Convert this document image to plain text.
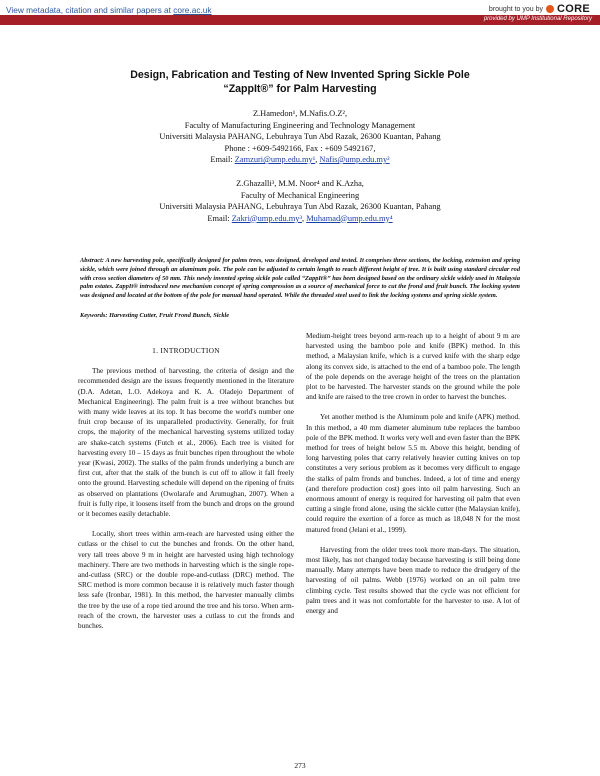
View metadata, citation and similar papers at core.ac.uk	brought to you by CORE
provided by UMP Institutional Repository
Design, Fabrication and Testing of New Invented Spring Sickle Pole
“ZappIt®” for Palm Harvesting
Z.Hamedon¹, M.Nafis.O.Z²,
Faculty of Manufacturing Engineering and Technology Management
Universiti Malaysia PAHANG, Lebuhraya Tun Abd Razak, 26300 Kuantan, Pahang
Phone : +609-5492166, Fax : +609 5492167,
Email: Zamzuri@ump.edu.my¹, Nafis@ump.edu.my²
Z.Ghazalli³, M.M. Noor⁴ and K.Azha,
Faculty of Mechanical Engineering
Universiti Malaysia PAHANG, Lebuhraya Tun Abd Razak, 26300 Kuantan, Pahang
Email: Zakri@ump.edu.my³, Muhamad@ump.edu.my⁴
Abstract: A new harvesting pole, specifically designed for palms trees, was designed, developed and tested. It comprises three sections, the locking, extension and spring sickle, which were joined through an aluminum pole. The pole can be adjusted to certain length to reach different height of tree. It is built using standard circular rod with cross section diameters of 50 mm. This newly invented spring sickle pole called “ZappIt®” has been designed based on the ordinary sickle widely used in Malaysia palm estates. ZappIt® introduced new mechanism concept of spring compression as a source of mechanical force to cut the frond and fruit bunch. The locking system was designed and located at the bottom of the pole for manual hand operated. While the threaded steel used to link the locking systems and spring sickle system.
Keywords: Harvesting Cutter, Fruit Frond Bunch, Sickle

1. INTRODUCTION

The previous method of harvesting, the criteria of design and the recommended design are the issues frequently mentioned in the literature (D.A. Adetan, L.O. Adekoya and K. A. Oladejo Department of Mechanical Engineering). The palm fruit is a tree without branches but with many wide leaves at its top. It has become the world's number one fruit crop because of its unparalleled productivity. Generally, for fruit crops, the majority of the mechanical harvesting systems utilized today are shake-catch systems (Futch et al., 2006). Each tree is visited for harvesting every 10 – 15 days as fruit bunches ripen throughout the whole year (Kwasi, 2002). The stalks of the palm fronds underlying a bunch are first cut, after that the stalk of the bunch is cut off to allow it fall freely onto the ground. Harvesting schedule will depend on the ripening of fruits as observed on plantations (Owolarafe and Arumughan, 2007). When a fruit is fully ripe, it loosens itself from the bunch and drops on the ground or it becomes easily detachable.

Locally, short trees within arm-reach are harvested using either the cutlass or the chisel to cut the bunches and fronds. On the other hand, very tall trees above 9 m in height are harvested using high technology machinery. There are two methods in harvesting which is the single rope-and-cutlass (SRC) or the double rope-and-cutlass (DRC) method. The SRC method is more common because it is relatively much faster though less safe (Ironbar, 1981). In this method, the harvester manually climbs the tree by the use of a rope tied around the tree and his torso. When arm-reach of the crown, the harvester uses a cutlass to cut the fronds and bunches.

Medium-height trees beyond arm-reach up to a height of about 9 m are harvested using the bamboo pole and knife (BPK) method. In this method, a Malaysian knife, which is a curved knife with the sharp edge along its convex side, is attached to the end of a bamboo pole. The length of the pole depends on the average height of the trees on the plantation plot to be harvested. The harvester stands on the ground while the pole and knife are raised to the tree crown in order to harvest the bunches.

Yet another method is the Aluminum pole and knife (APK) method. In this method, a 40 mm diameter aluminum tube replaces the bamboo pole of the BPK method. It works very well and even faster than the BPK method for trees of height below 5.5 m. Above this height, bending of long harvesting poles that carry relatively heavier cutting knives on top constitutes a very serious problem as it becomes very difficult to engage the stalks of palm fronds and bunches. Indeed, a lot of time and energy (and therefore production cost) goes into oil palm harvesting. Such an enormous amount of energy is required for harvesting oil palm that even cutting a single frond alone, using the sickle cutter (the Malaysian knife), could require the exertion of a force as much as 18,048 N for the most matured frond (Jelani et al., 1999).

Harvesting from the older trees took more man-days. The situation, most likely, has not changed today because harvesting is still being done manually. Many attempts have been made to reduce the drudgery of the harvesting of oil palms. Webb (1976) worked on an oil palm tree climbing cycle. Test results showed that the cycle was not efficient for palm trees and it was not comfortable for the harvester to use. A lot of energy and

273
